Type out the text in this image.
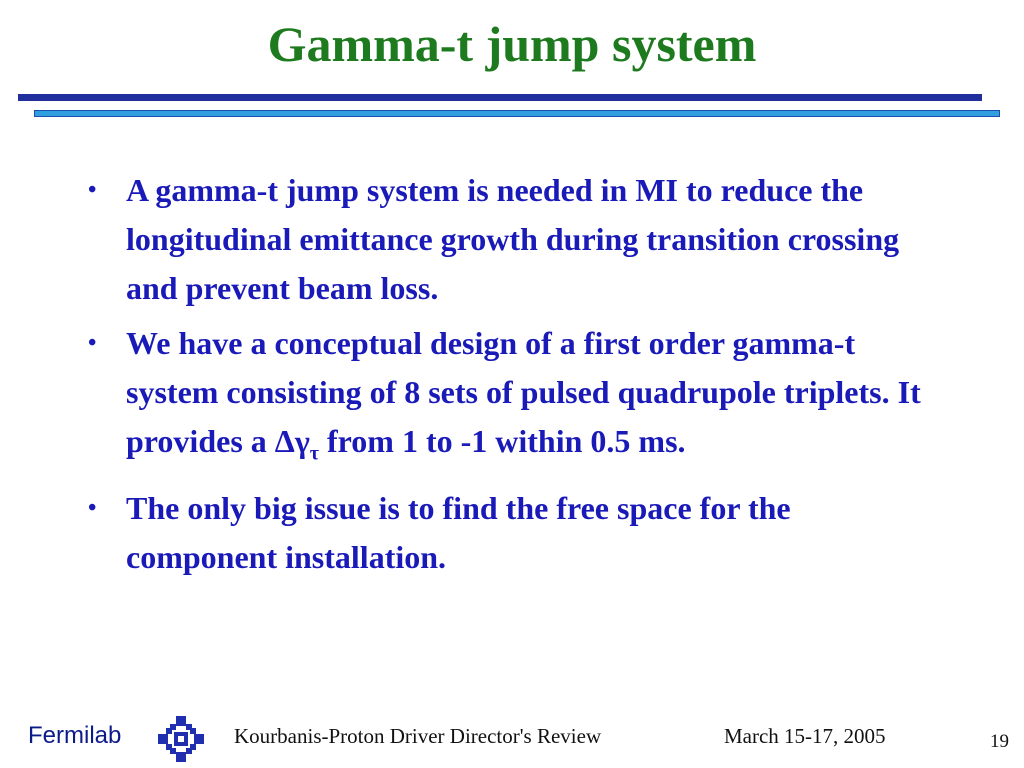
Gamma-t jump system
• A gamma-t jump system is needed in MI to reduce the longitudinal emittance growth during transition crossing and prevent beam loss.
• We have a conceptual design of a first order gamma-t system consisting of 8 sets of pulsed quadrupole triplets. It provides a $\Delta\gamma_\tau$ from 1 to -1 within 0.5 ms.
• The only big issue is to find the free space for the component installation.
Fermilab	Kourbanis-Proton Driver Director's Review	March 15-17, 2005	19
